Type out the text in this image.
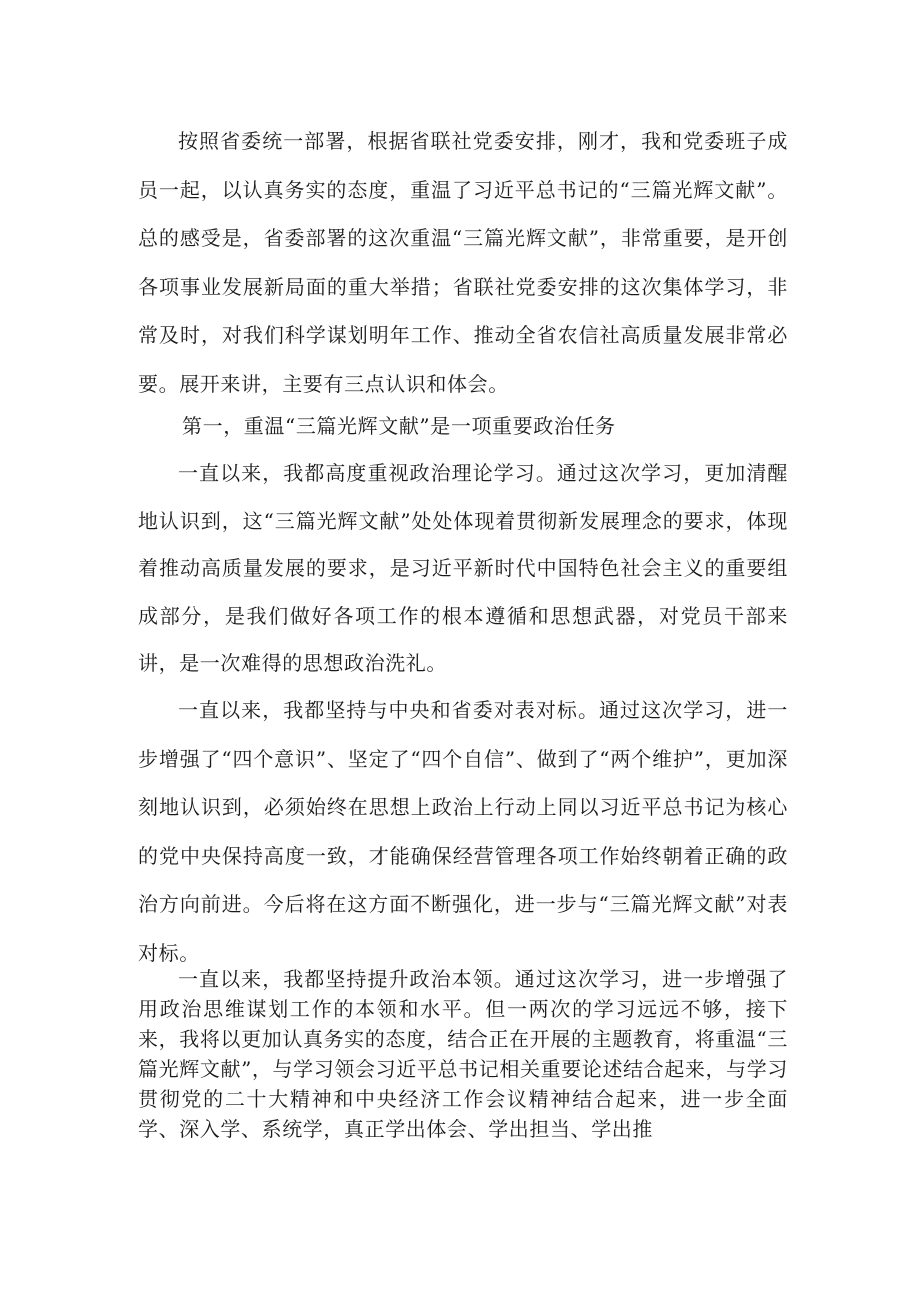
按照省委统一部署，根据省联社党委安排，刚才，我和党委班子成员一起，以认真务实的态度，重温了习近平总书记的“三篇光辉文献”。总的感受是，省委部署的这次重温“三篇光辉文献”，非常重要，是开创各项事业发展新局面的重大举措；省联社党委安排的这次集体学习，非常及时，对我们科学谋划明年工作、推动全省农信社高质量发展非常必要。展开来讲，主要有三点认识和体会。

第一，重温“三篇光辉文献”是一项重要政治任务

一直以来，我都高度重视政治理论学习。通过这次学习，更加清醒地认识到，这“三篇光辉文献”处处体现着贯彻新发展理念的要求，体现着推动高质量发展的要求，是习近平新时代中国特色社会主义的重要组成部分，是我们做好各项工作的根本遵循和思想武器，对党员干部来讲，是一次难得的思想政治洗礼。

一直以来，我都坚持与中央和省委对表对标。通过这次学习，进一步增强了“四个意识”、坚定了“四个自信”、做到了“两个维护”，更加深刻地认识到，必须始终在思想上政治上行动上同以习近平总书记为核心的党中央保持高度一致，才能确保经营管理各项工作始终朝着正确的政治方向前进。今后将在这方面不断强化，进一步与“三篇光辉文献”对表对标。

一直以来，我都坚持提升政治本领。通过这次学习，进一步增强了用政治思维谋划工作的本领和水平。但一两次的学习远远不够，接下来，我将以更加认真务实的态度，结合正在开展的主题教育，将重温“三篇光辉文献”，与学习领会习近平总书记相关重要论述结合起来，与学习贯彻党的二十大精神和中央经济工作会议精神结合起来，进一步全面学、深入学、系统学，真正学出体会、学出担当、学出推
